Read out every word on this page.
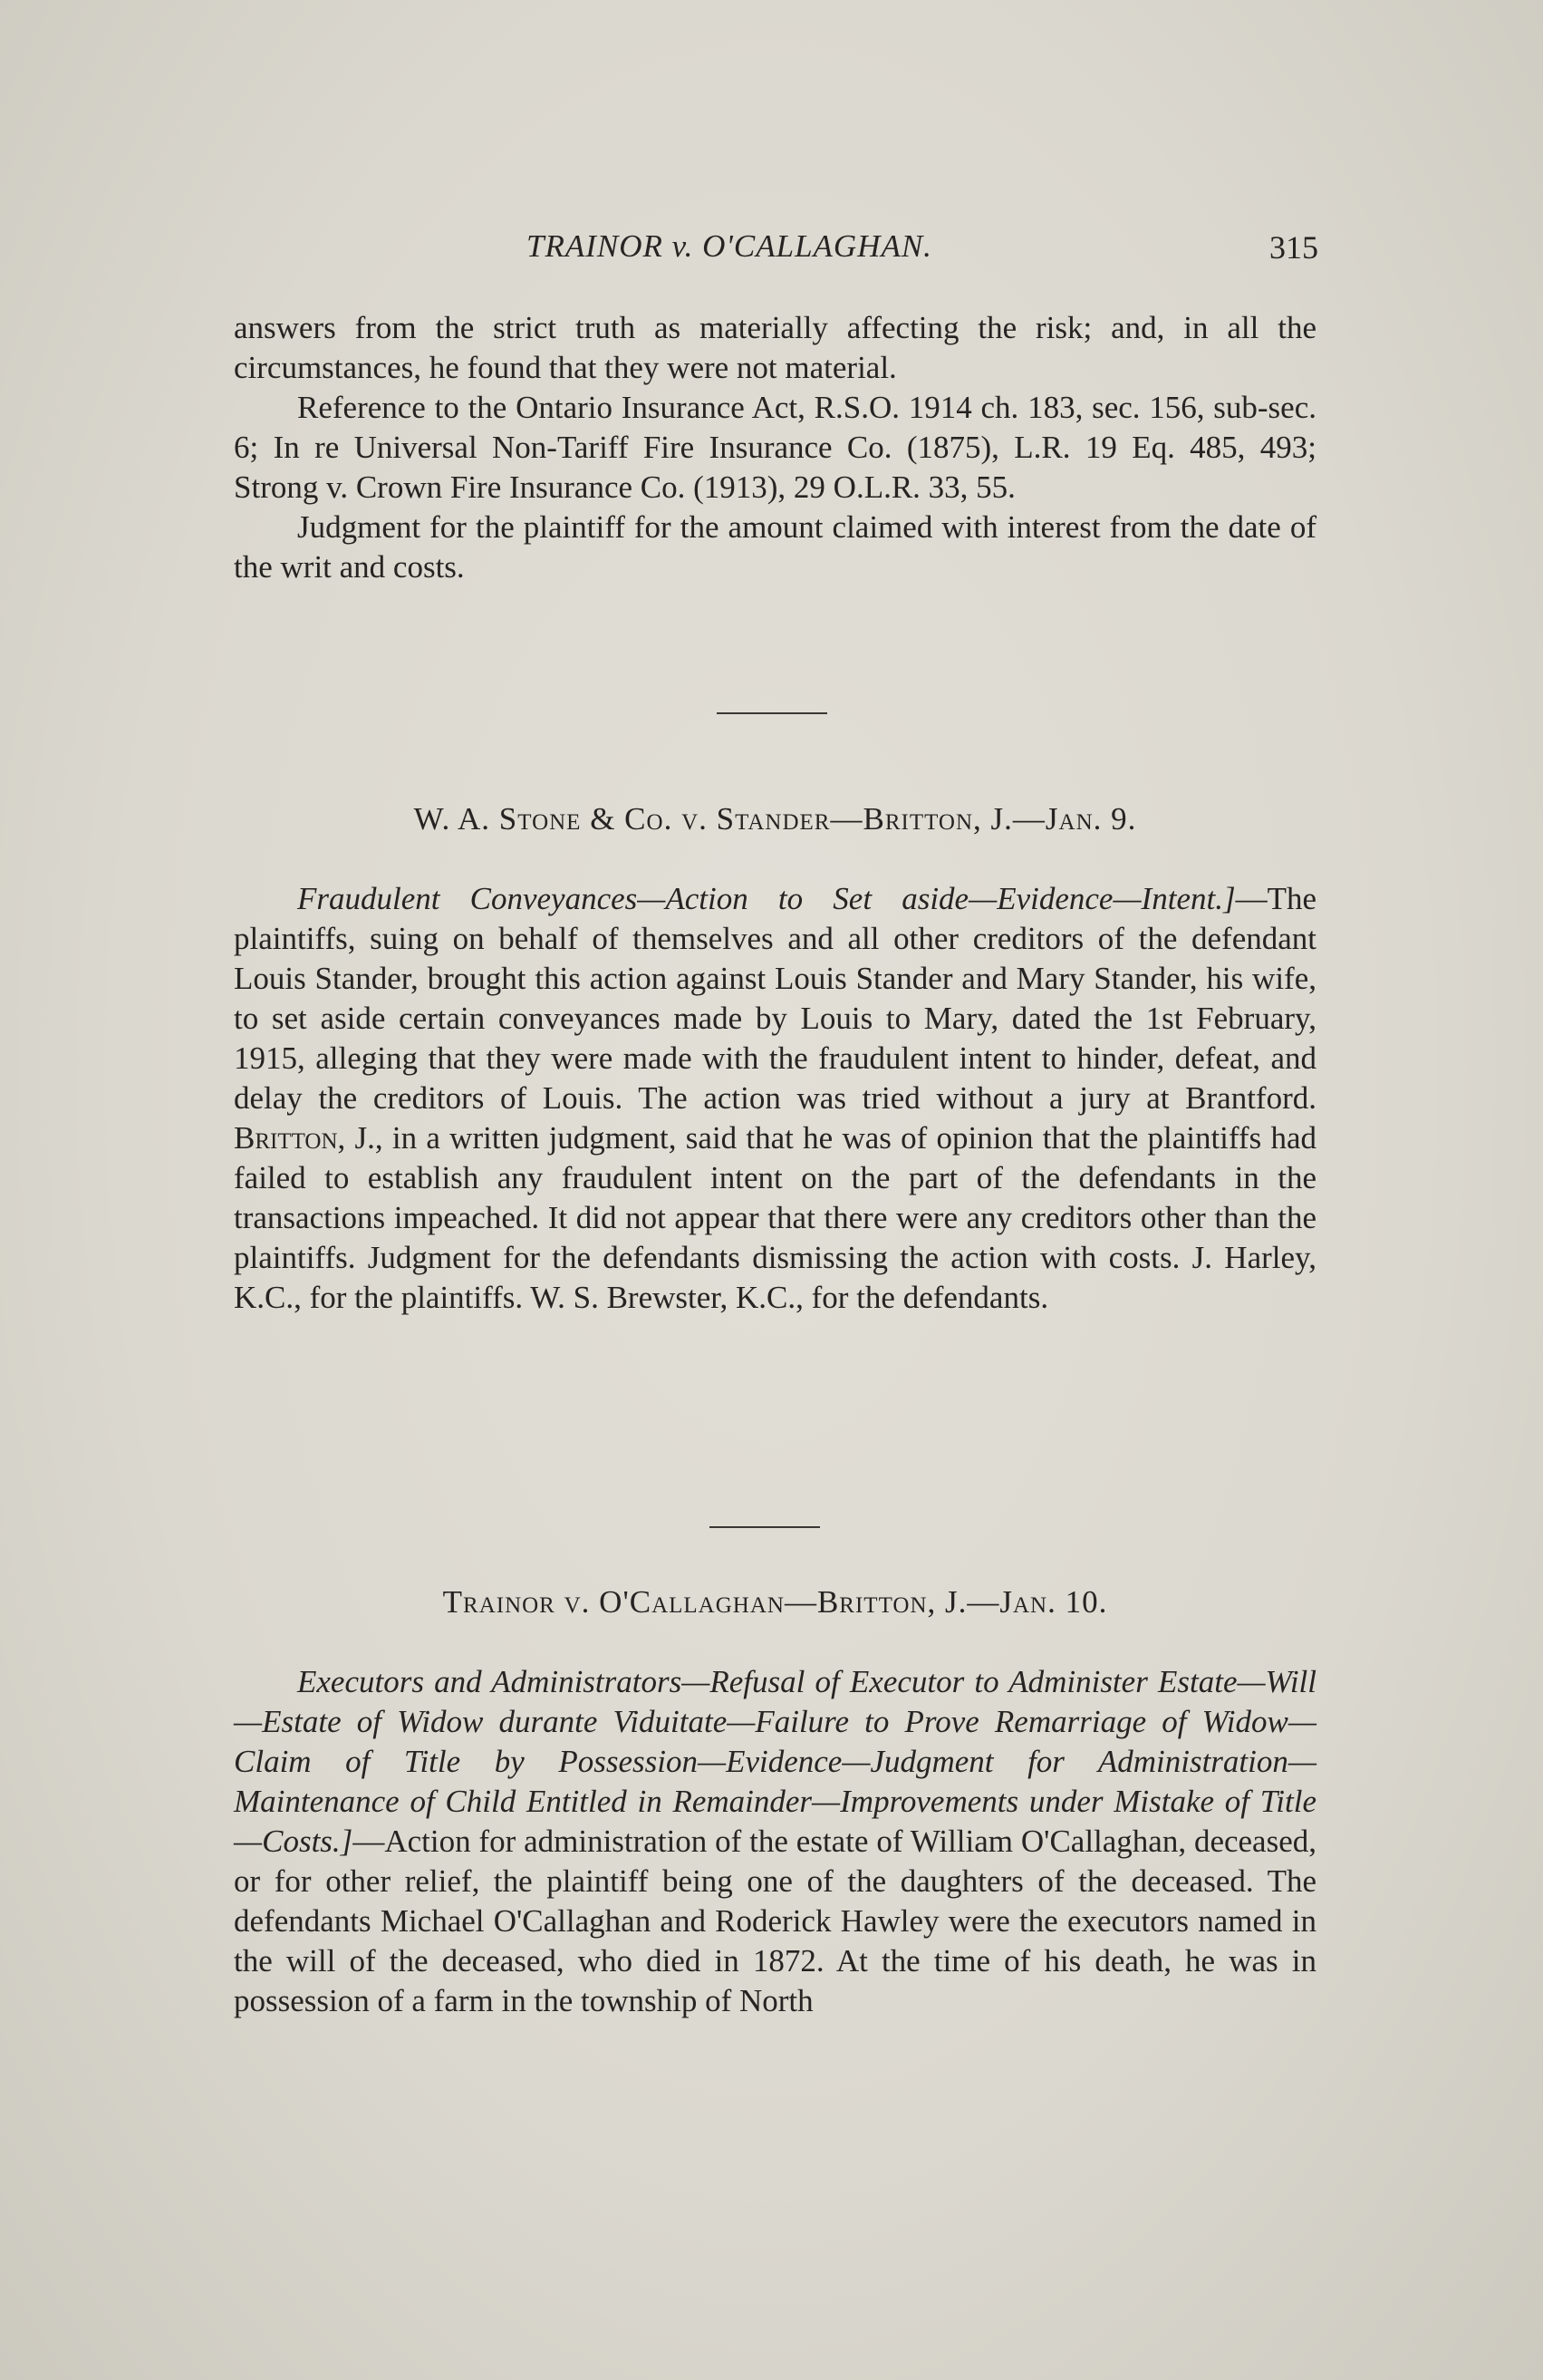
TRAINOR v. O'CALLAGHAN.	315

answers from the strict truth as materially affecting the risk; and, in all the circumstances, he found that they were not material.

Reference to the Ontario Insurance Act, R.S.O. 1914 ch. 183, sec. 156, sub-sec. 6; In re Universal Non-Tariff Fire Insurance Co. (1875), L.R. 19 Eq. 485, 493; Strong v. Crown Fire Insurance Co. (1913), 29 O.L.R. 33, 55.

Judgment for the plaintiff for the amount claimed with interest from the date of the writ and costs.

W. A. Stone & Co. v. Stander—Britton, J.—Jan. 9.

Fraudulent Conveyances—Action to Set aside—Evidence—Intent.]—The plaintiffs, suing on behalf of themselves and all other creditors of the defendant Louis Stander, brought this action against Louis Stander and Mary Stander, his wife, to set aside certain conveyances made by Louis to Mary, dated the 1st February, 1915, alleging that they were made with the fraudulent intent to hinder, defeat, and delay the creditors of Louis. The action was tried without a jury at Brantford. Britton, J., in a written judgment, said that he was of opinion that the plaintiffs had failed to establish any fraudulent intent on the part of the defendants in the transactions impeached. It did not appear that there were any creditors other than the plaintiffs. Judgment for the defendants dismissing the action with costs. J. Harley, K.C., for the plaintiffs. W. S. Brewster, K.C., for the defendants.

Trainor v. O'Callaghan—Britton, J.—Jan. 10.

Executors and Administrators—Refusal of Executor to Administer Estate—Will—Estate of Widow durante Viduitate—Failure to Prove Remarriage of Widow—Claim of Title by Possession—Evidence—Judgment for Administration—Maintenance of Child Entitled in Remainder—Improvements under Mistake of Title—Costs.]—Action for administration of the estate of William O'Callaghan, deceased, or for other relief, the plaintiff being one of the daughters of the deceased. The defendants Michael O'Callaghan and Roderick Hawley were the executors named in the will of the deceased, who died in 1872. At the time of his death, he was in possession of a farm in the township of North
